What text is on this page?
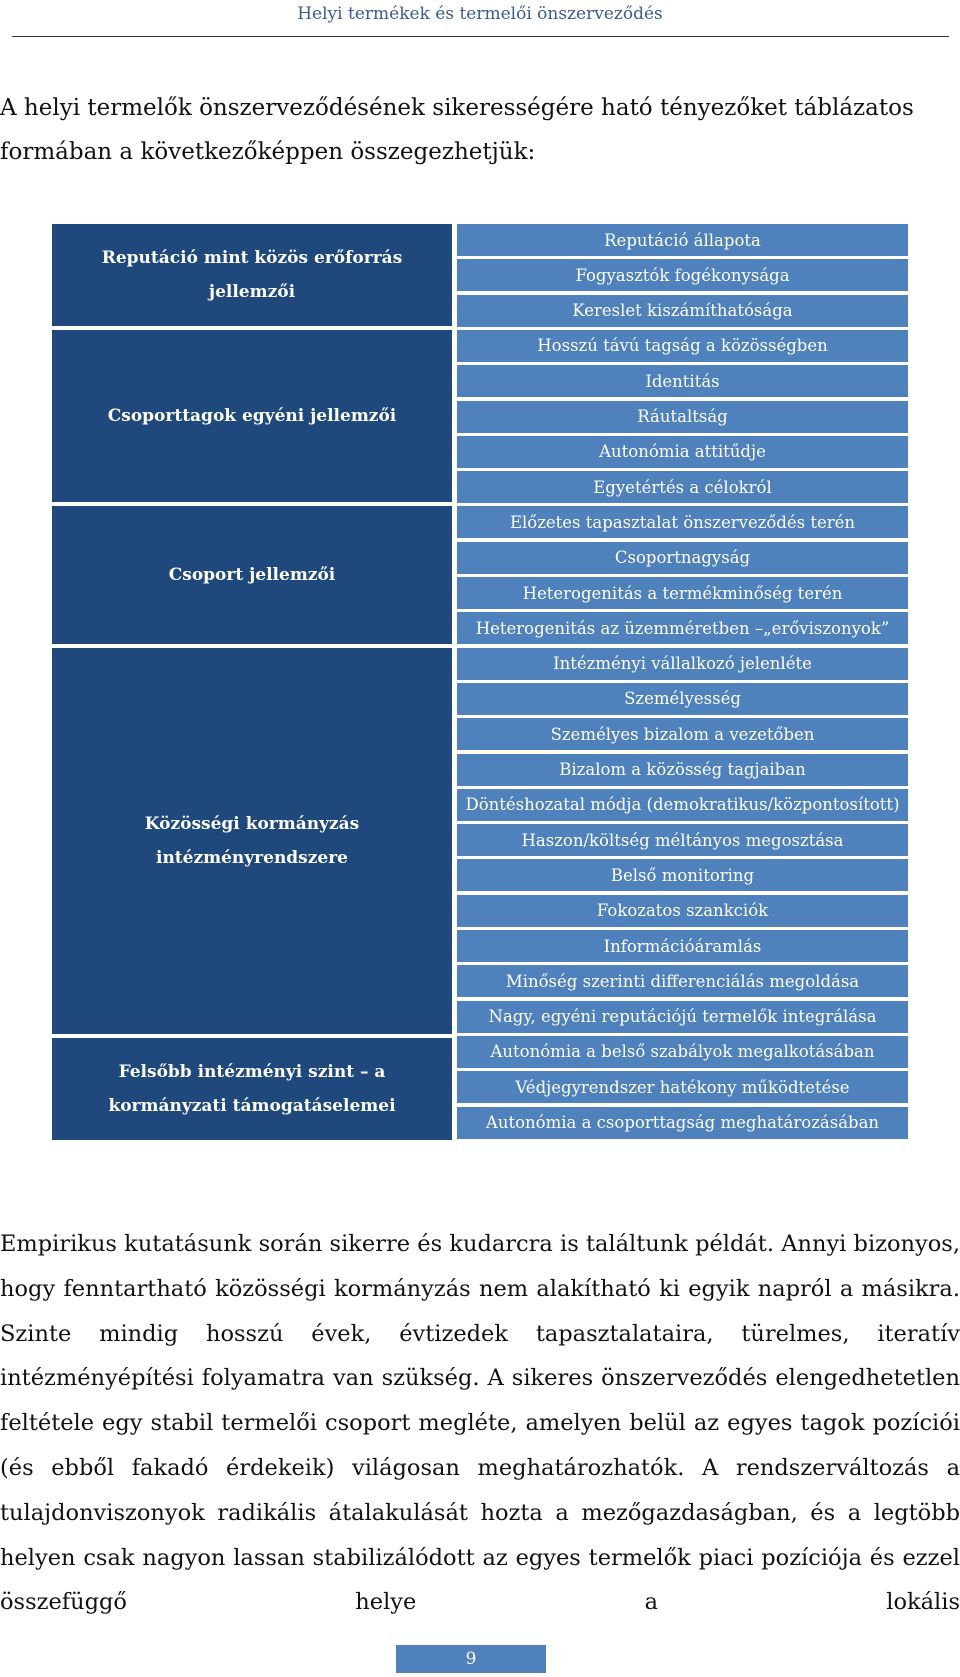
Helyi termékek és termelői önszerveződés
A helyi termelők önszerveződésének sikerességére ható tényezőket táblázatos formában a következőképpen összegezhetjük:
Reputáció mint közös erőforrás jellemzői
Csoporttagok egyéni jellemzői
Csoport jellemzői
Közösségi kormányzás intézményrendszere
Felsőbb intézményi szint – a kormányzati támogatáselemei
Reputáció állapota
Fogyasztók fogékonysága
Kereslet kiszámíthatósága
Hosszú távú tagság a közösségben
Identitás
Ráutaltság
Autonómia attitűdje
Egyetértés a célokról
Előzetes tapasztalat önszerveződés terén
Csoportnagyság
Heterogenitás a termékminőség terén
Heterogenitás az üzemméretben –„erőviszonyok”
Intézményi vállalkozó jelenléte
Személyesség
Személyes bizalom a vezetőben
Bizalom a közösség tagjaiban
Döntéshozatal módja (demokratikus/központosított)
Haszon/költség méltányos megosztása
Belső monitoring
Fokozatos szankciók
Információáramlás
Minőség szerinti differenciálás megoldása
Nagy, egyéni reputációjú termelők integrálása
Autonómia a belső szabályok megalkotásában
Védjegyrendszer hatékony működtetése
Autonómia a csoporttagság meghatározásában
Empirikus kutatásunk során sikerre és kudarcra is találtunk példát. Annyi bizonyos, hogy fenntartható közösségi kormányzás nem alakítható ki egyik napról a másikra. Szinte mindig hosszú évek, évtizedek tapasztalataira, türelmes, iteratív intézményépítési folyamatra van szükség. A sikeres önszerveződés elengedhetetlen feltétele egy stabil termelői csoport megléte, amelyen belül az egyes tagok pozíciói (és ebből fakadó érdekeik) világosan meghatározhatók. A rendszerváltozás a tulajdonviszonyok radikális átalakulását hozta a mezőgazdaságban, és a legtöbb helyen csak nagyon lassan stabilizálódott az egyes termelők piaci pozíciója és ezzel összefüggő helye a lokális
9
